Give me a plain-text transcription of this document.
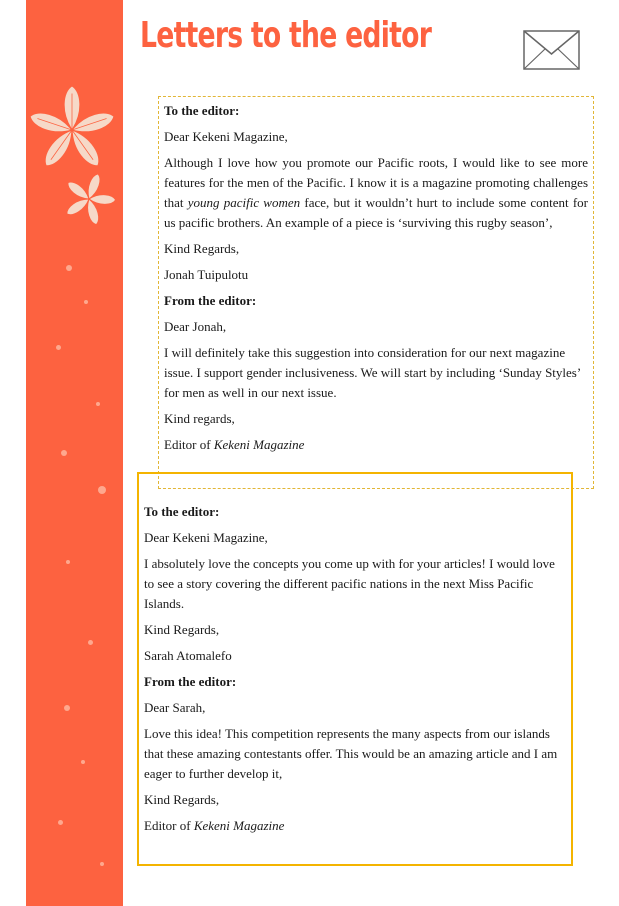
Letters to the editor

To the editor:

Dear Kekeni Magazine,

Although I love how you promote our Pacific roots, I would like to see more features for the men of the Pacific. I know it is a magazine promoting challenges that young pacific women face, but it wouldn’t hurt to include some content for us pacific brothers. An example of a piece is ‘surviving this rugby season’,

Kind Regards,

Jonah Tuipulotu

From the editor:

Dear Jonah,

I will definitely take this suggestion into consideration for our next magazine issue. I support gender inclusiveness. We will start by including ‘Sunday Styles’ for men as well in our next issue.

Kind regards,

Editor of Kekeni Magazine

To the editor:

Dear Kekeni Magazine,

I absolutely love the concepts you come up with for your articles! I would love to see a story covering the different pacific nations in the next Miss Pacific Islands.

Kind Regards,

Sarah Atomalefo

From the editor:

Dear Sarah,

Love this idea! This competition represents the many aspects from our islands that these amazing contestants offer. This would be an amazing article and I am eager to further develop it,

Kind Regards,

Editor of Kekeni Magazine
